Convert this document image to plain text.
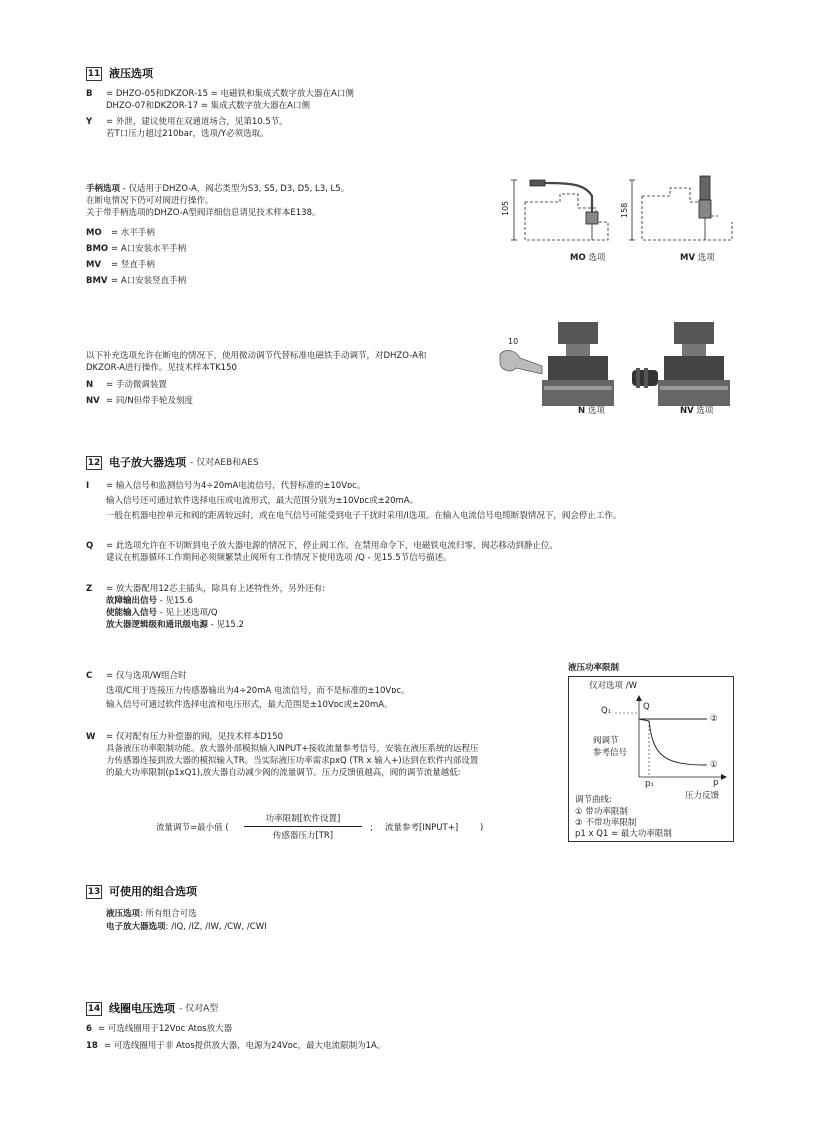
11 液压选项
B = DHZO-05和DKZOR-15 = 电磁铁和集成式数字放大器在A口侧
DHZO-07和DKZOR-17 = 集成式数字放大器在A口侧
Y = 外泄，建议使用在双通道场合，见第10.5节。
若T口压力超过210bar，选项/Y必须选取。
手柄选项 - 仅适用于DHZO-A，阀芯类型为S3, S5, D3, D5, L3, L5。
在断电情况下仍可对阀进行操作。
关于带手柄选项的DHZO-A型阀详细信息请见技术样本E138。
MO = 水平手柄
BMO = A口安装水平手柄
MV = 竖直手柄
BMV = A口安装竖直手柄
105	158
MO 选项	MV 选项
以下补充选项允许在断电的情况下，使用微动调节代替标准电磁铁手动调节，对DHZO-A和
DKZOR-A进行操作。见技术样本TK150
N = 手动微调装置
NV = 同/N但带手轮及刻度
10
N 选项	NV 选项
12 电子放大器选项 - 仅对AEB和AES
I = 输入信号和监测信号为4÷20mA电流信号，代替标准的±10Vᴅᴄ。
输入信号还可通过软件选择电压或电流形式，最大范围分别为±10Vᴅᴄ或±20mA。
一般在机器电控单元和阀的距离较远时，或在电气信号可能受到电子干扰时采用/I选项。在输入电流信号电缆断裂情况下，阀会停止工作。
Q = 此选项允许在不切断到电子放大器电源的情况下，停止阀工作。在禁用命令下，电磁铁电流归零，阀芯移动到静止位。
建议在机器循环工作期间必须频繁禁止阀所有工作情况下使用选项 /Q - 见15.5节信号描述。
Z = 放大器配用12芯主插头，除具有上述特性外，另外还有:
故障输出信号 - 见15.6
使能输入信号 - 见上述选项/Q
放大器逻辑级和通讯级电源 - 见15.2
C = 仅与选项/W组合时
选项/C用于连接压力传感器输出为4÷20mA 电流信号，而不是标准的±10Vᴅᴄ。
输入信号可通过软件选择电流和电压形式，最大范围是±10Vᴅᴄ或±20mA。
W = 仅对配有压力补偿器的阀，见技术样本D150
具备液压功率限制功能。放大器外部模拟输入INPUT+接收流量参考信号，安装在液压系统的远程压
力传感器连接到放大器的模拟输入TR。当实际液压功率需求pxQ (TR x 输入+)达到在软件内部设置
的最大功率限制(p1xQ1),放大器自动减少阀的流量调节。压力反馈值越高，阀的调节流量越低:
流量调节=最小值 (
功率限制[软件设置]
传感器压力[TR]
; 流量参考[INPUT+]	)
液压功率限制
仅对选项 /W
Q₁	Q
阀调节
参考信号
②
①
p₁	p
压力反馈
调节曲线:
① 带功率限制
② 不带功率限制
p1 x Q1 = 最大功率限制
13 可使用的组合选项
液压选项: 所有组合可选
电子放大器选项: /IQ, /IZ, /IW, /CW, /CWI
14 线圈电压选项 - 仅对A型
6 = 可选线圈用于12Vᴅᴄ Atos放大器
18 = 可选线圈用于非 Atos提供放大器，电源为24Vᴅᴄ，最大电流限制为1A。
